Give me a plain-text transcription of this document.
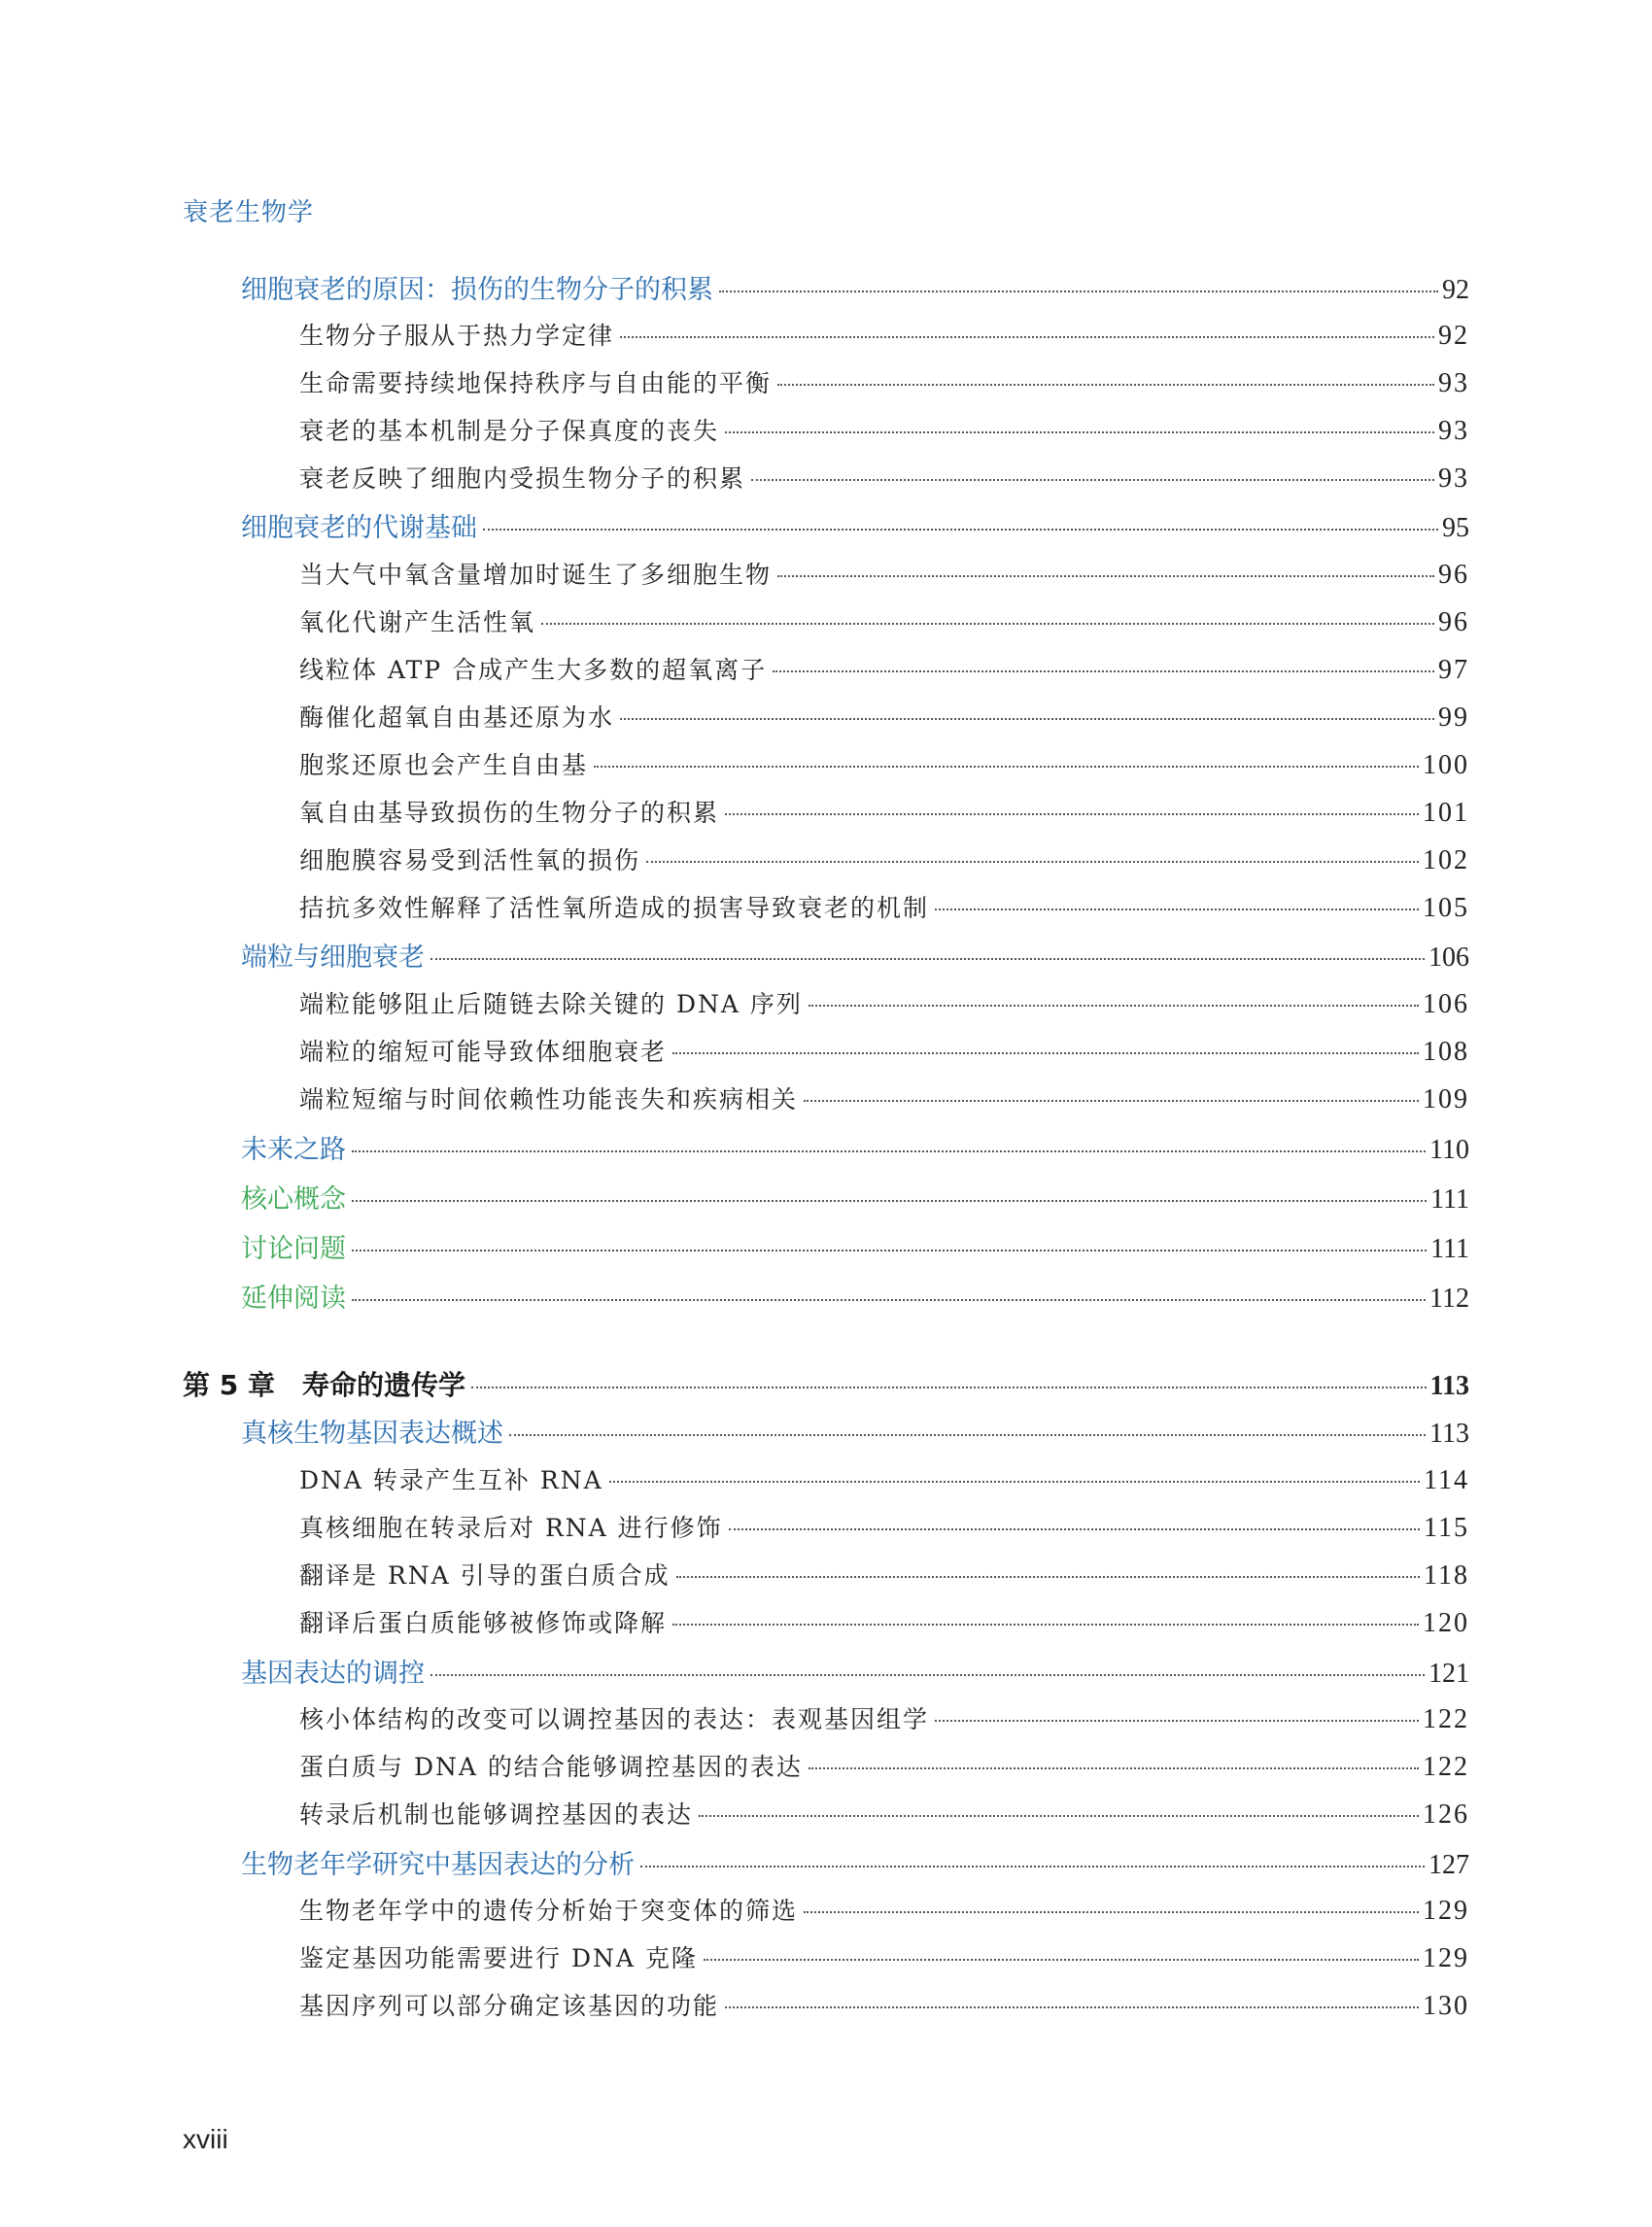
衰老生物学
细胞衰老的原因：损伤的生物分子的积累	92
生物分子服从于热力学定律	92
生命需要持续地保持秩序与自由能的平衡	93
衰老的基本机制是分子保真度的丧失	93
衰老反映了细胞内受损生物分子的积累	93
细胞衰老的代谢基础	95
当大气中氧含量增加时诞生了多细胞生物	96
氧化代谢产生活性氧	96
线粒体 ATP 合成产生大多数的超氧离子	97
酶催化超氧自由基还原为水	99
胞浆还原也会产生自由基	100
氧自由基导致损伤的生物分子的积累	101
细胞膜容易受到活性氧的损伤	102
拮抗多效性解释了活性氧所造成的损害导致衰老的机制	105
端粒与细胞衰老	106
端粒能够阻止后随链去除关键的 DNA 序列	106
端粒的缩短可能导致体细胞衰老	108
端粒短缩与时间依赖性功能丧失和疾病相关	109
未来之路	110
核心概念	111
讨论问题	111
延伸阅读	112
第 5 章　寿命的遗传学	113
真核生物基因表达概述	113
DNA 转录产生互补 RNA	114
真核细胞在转录后对 RNA 进行修饰	115
翻译是 RNA 引导的蛋白质合成	118
翻译后蛋白质能够被修饰或降解	120
基因表达的调控	121
核小体结构的改变可以调控基因的表达：表观基因组学	122
蛋白质与 DNA 的结合能够调控基因的表达	122
转录后机制也能够调控基因的表达	126
生物老年学研究中基因表达的分析	127
生物老年学中的遗传分析始于突变体的筛选	129
鉴定基因功能需要进行 DNA 克隆	129
基因序列可以部分确定该基因的功能	130
xviii
